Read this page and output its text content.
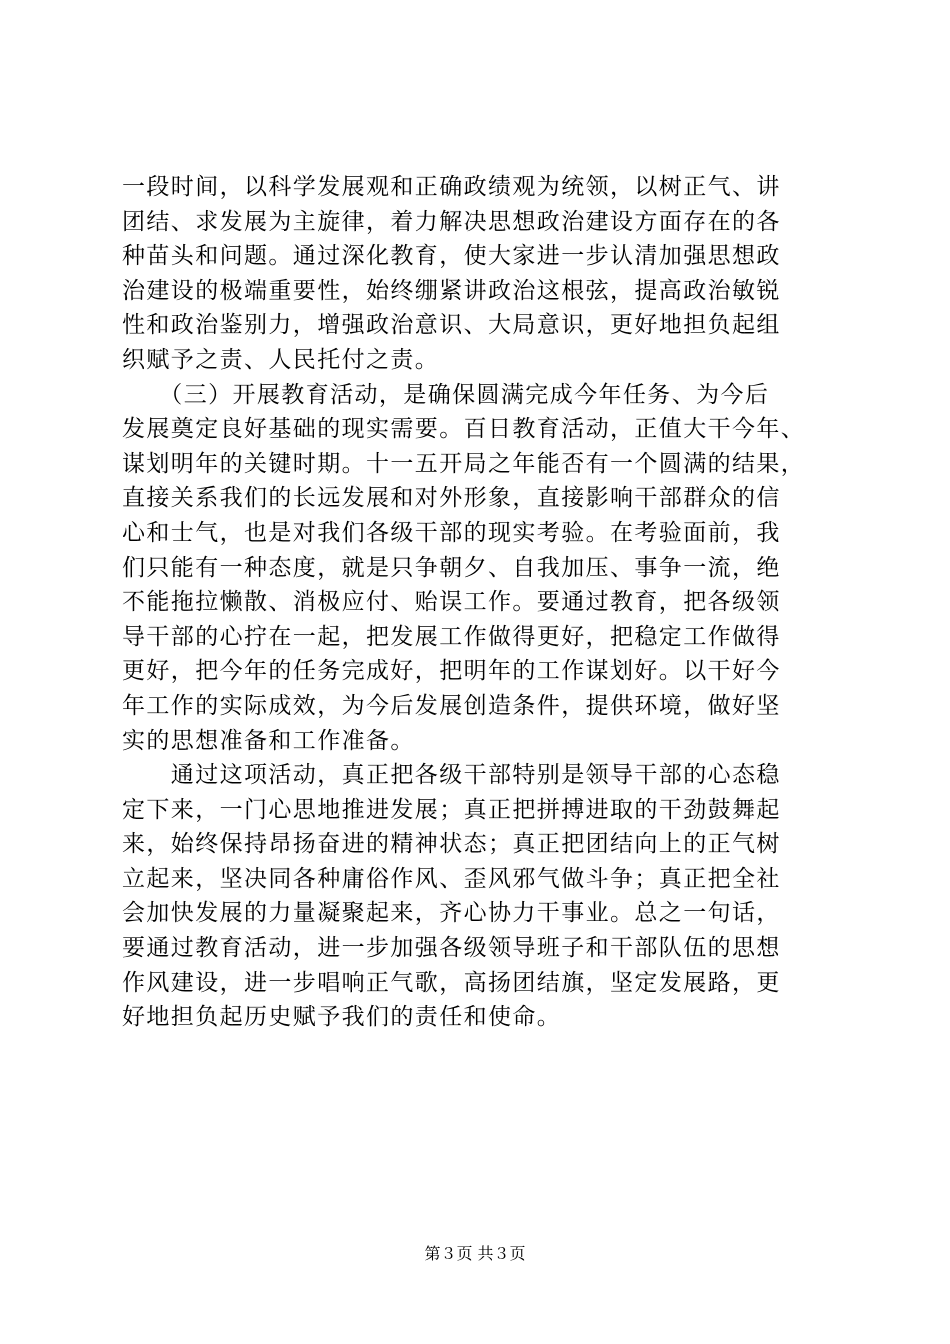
一段时间，以科学发展观和正确政绩观为统领，以树正气、讲
团结、求发展为主旋律，着力解决思想政治建设方面存在的各
种苗头和问题。通过深化教育，使大家进一步认清加强思想政
治建设的极端重要性，始终绷紧讲政治这根弦，提高政治敏锐
性和政治鉴别力，增强政治意识、大局意识，更好地担负起组
织赋予之责、人民托付之责。
　　（三）开展教育活动，是确保圆满完成今年任务、为今后
发展奠定良好基础的现实需要。百日教育活动，正值大干今年、
谋划明年的关键时期。十一五开局之年能否有一个圆满的结果，
直接关系我们的长远发展和对外形象，直接影响干部群众的信
心和士气，也是对我们各级干部的现实考验。在考验面前，我
们只能有一种态度，就是只争朝夕、自我加压、事争一流，绝
不能拖拉懒散、消极应付、贻误工作。要通过教育，把各级领
导干部的心拧在一起，把发展工作做得更好，把稳定工作做得
更好，把今年的任务完成好，把明年的工作谋划好。以干好今
年工作的实际成效，为今后发展创造条件，提供环境，做好坚
实的思想准备和工作准备。
　　通过这项活动，真正把各级干部特别是领导干部的心态稳
定下来，一门心思地推进发展；真正把拼搏进取的干劲鼓舞起
来，始终保持昂扬奋进的精神状态；真正把团结向上的正气树
立起来，坚决同各种庸俗作风、歪风邪气做斗争；真正把全社
会加快发展的力量凝聚起来，齐心协力干事业。总之一句话，
要通过教育活动，进一步加强各级领导班子和干部队伍的思想
作风建设，进一步唱响正气歌，高扬团结旗，坚定发展路，更
好地担负起历史赋予我们的责任和使命。
第３页 共３页
